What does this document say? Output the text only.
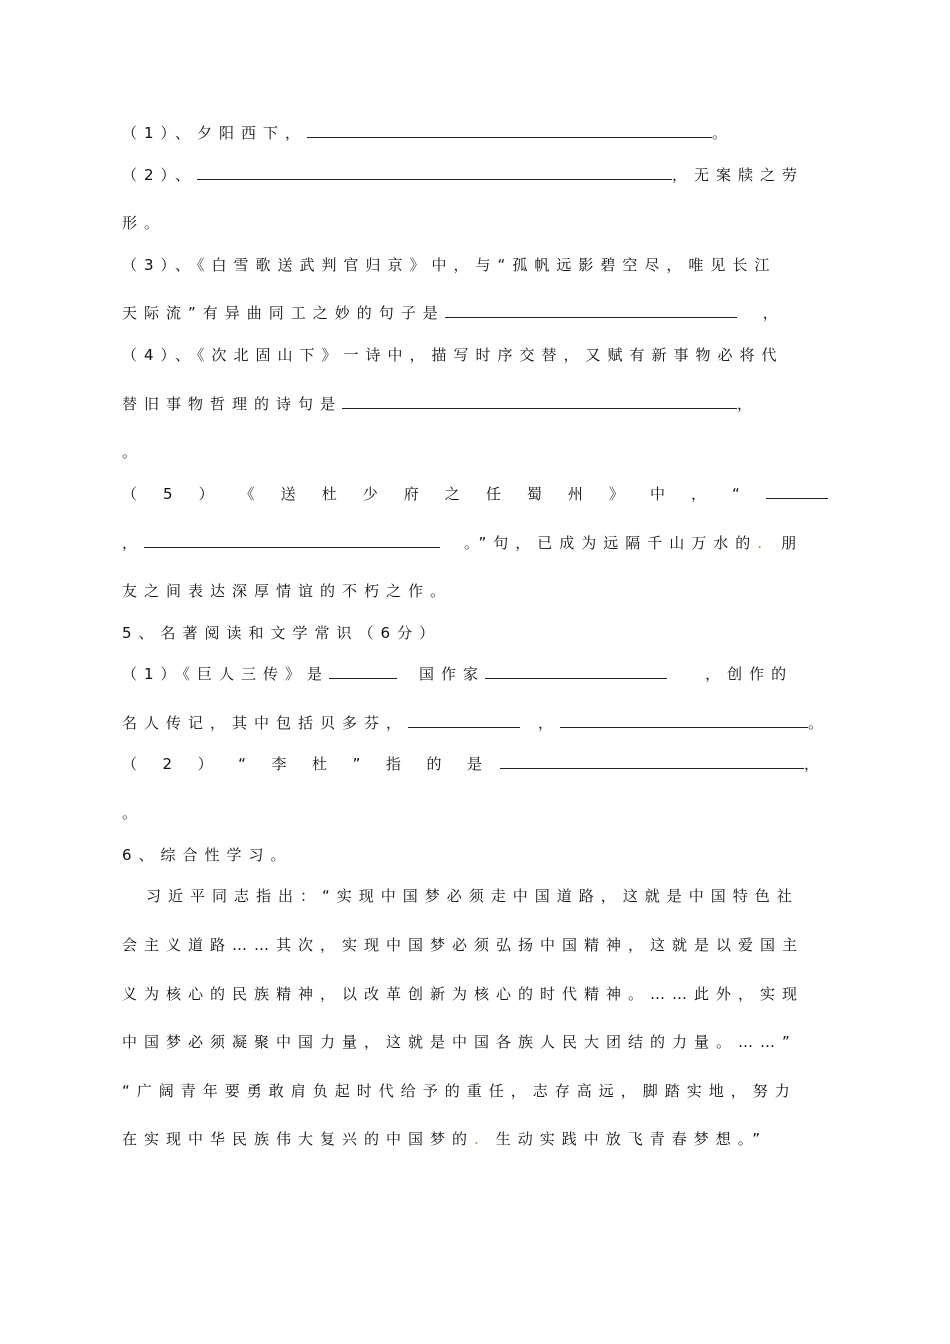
（1）、夕阳西下，	。
（2）、	，无案牍之劳
形。
（3）、《白雪歌送武判官归京》中，与“孤帆远影碧空尽，唯见长江
天际流”有异曲同工之妙的句子是	，
（4）、《次北固山下》一诗中，描写时序交替，又赋有新事物必将代
替旧事物哲理的诗句是	，
。
（ 5 ） 《 送 杜 少 府 之 任 蜀 州 》 中 ， “
，	。”句，已成为远隔千山万水的. 朋
友之间表达深厚情谊的不朽之作。
5、名著阅读和文学常识（6分）
（1）《巨人三传》是	国作家	，创作的
名人传记，其中包括贝多芬，	，	。
（ 2 ） “ 李 杜 ” 指 的 是	，
。
6、综合性学习。
习近平同志指出：“实现中国梦必须走中国道路，这就是中国特色社
会主义道路……其次，实现中国梦必须弘扬中国精神，这就是以爱国主
义为核心的民族精神，以改革创新为核心的时代精神。……此外，实现
中国梦必须凝聚中国力量，这就是中国各族人民大团结的力量。……”
“广阔青年要勇敢肩负起时代给予的重任，志存高远，脚踏实地，努力
在实现中华民族伟大复兴的中国梦的. 生动实践中放飞青春梦想。”
